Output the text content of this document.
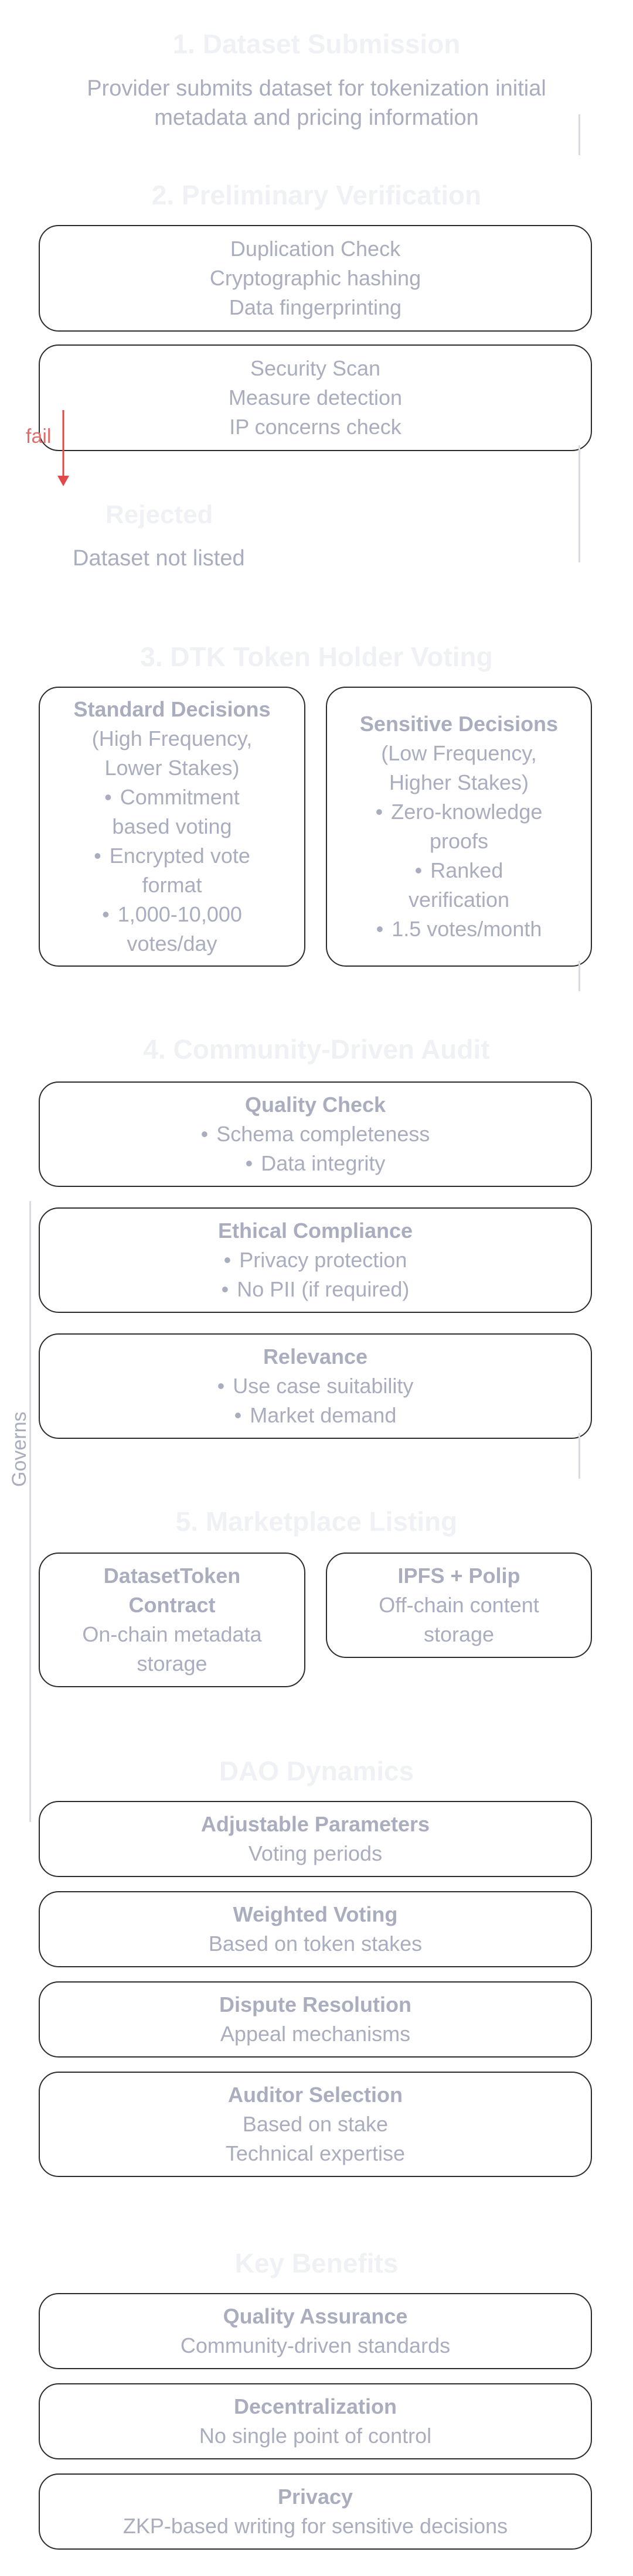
1. Dataset Submission
Provider submits dataset for tokenization initial
metadata and pricing information
2. Preliminary Verification
Duplication Check
Cryptographic hashing
Data fingerprinting
Security Scan
Measure detection
IP concerns check
fail
Rejected
Dataset not listed
3. DTK Token Holder Voting
Standard Decisions
(High Frequency,
Lower Stakes)
• Commitment
based voting
• Encrypted vote
format
• 1,000-10,000
votes/day
Sensitive Decisions
(Low Frequency,
Higher Stakes)
• Zero-knowledge
proofs
• Ranked
verification
• 1.5 votes/month
4. Community-Driven Audit
Governs
Quality Check
• Schema completeness
• Data integrity
Ethical Compliance
• Privacy protection
• No PII (if required)
Relevance
• Use case suitability
• Market demand
5. Marketplace Listing
DatasetToken
Contract
On-chain metadata
storage
IPFS + Polip
Off-chain content
storage
DAO Dynamics
Adjustable Parameters
Voting periods
Weighted Voting
Based on token stakes
Dispute Resolution
Appeal mechanisms
Auditor Selection
Based on stake
Technical expertise
Key Benefits
Quality Assurance
Community-driven standards
Decentralization
No single point of control
Privacy
ZKP-based writing for sensitive decisions
